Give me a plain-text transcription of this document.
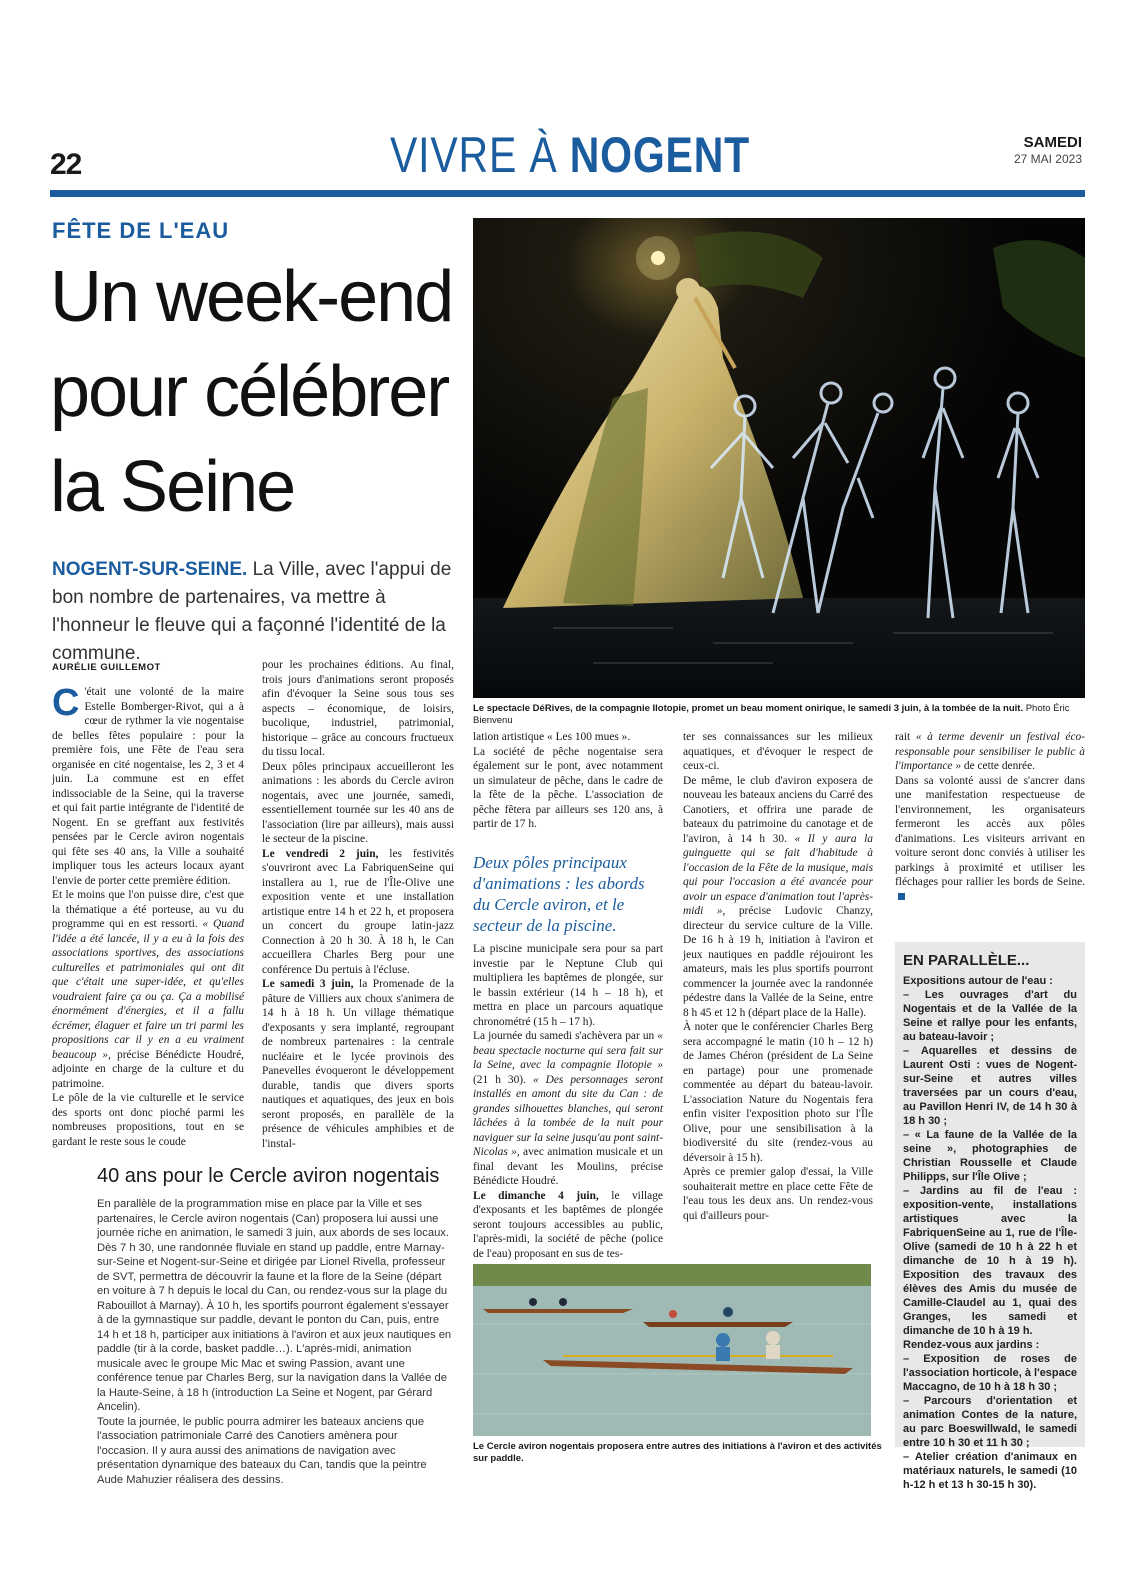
22	VIVRE À NOGENT	SAMEDI
27 MAI 2023
FÊTE DE L'EAU
Un week-end
pour célébrer
la Seine
NOGENT-SUR-SEINE. La Ville, avec l'appui de bon nombre de partenaires, va mettre à l'honneur le fleuve qui a façonné l'identité de la commune.
AURÉLIE GUILLEMOT
Le spectacle DéRives, de la compagnie Ilotopie, promet un beau moment onirique, le samedi 3 juin, à la tombée de la nuit. Photo Éric Bienvenu

C 'était une volonté de la maire Estelle Bomberger-Rivot, qui a à cœur de rythmer la vie nogentaise de belles fêtes populaire : pour la première fois, une Fête de l'eau sera organisée en cité nogentaise, les 2, 3 et 4 juin. La commune est en effet indissociable de la Seine, qui la traverse et qui fait partie intégrante de l'identité de Nogent. En se greffant aux festivités pensées par le Cercle aviron nogentais qui fête ses 40 ans, la Ville a souhaité impliquer tous les acteurs locaux ayant l'envie de porter cette première édition.

Et le moins que l'on puisse dire, c'est que la thématique a été porteuse, au vu du programme qui en est ressorti. « Quand l'idée a été lancée, il y a eu à la fois des associations sportives, des associations culturelles et patrimoniales qui ont dit que c'était une super-idée, et qu'elles voudraient faire ça ou ça. Ça a mobilisé énormément d'énergies, et il a fallu écrémer, élaguer et faire un tri parmi les propositions car il y en a eu vraiment beaucoup », précise Bénédicte Houdré, adjointe en charge de la culture et du patrimoine.

Le pôle de la vie culturelle et le service des sports ont donc pioché parmi les nombreuses propositions, tout en se gardant le reste sous le coude

pour les prochaines éditions. Au final, trois jours d'animations seront proposés afin d'évoquer la Seine sous tous ses aspects – économique, de loisirs, bucolique, industriel, patrimonial, historique – grâce au concours fructueux du tissu local.

Deux pôles principaux accueilleront les animations : les abords du Cercle aviron nogentais, avec une journée, samedi, essentiellement tournée sur les 40 ans de l'association (lire par ailleurs), mais aussi le secteur de la piscine.

Le vendredi 2 juin, les festivités s'ouvriront avec La FabriquenSeine qui installera au 1, rue de l'Île-Olive une exposition vente et une installation artistique entre 14 h et 22 h, et proposera un concert du groupe latin-jazz Connection à 20 h 30. À 18 h, le Can accueillera Charles Berg pour une conférence Du pertuis à l'écluse.

Le samedi 3 juin, la Promenade de la pâture de Villiers aux choux s'animera de 14 h à 18 h. Un village thématique d'exposants y sera implanté, regroupant de nombreux partenaires : la centrale nucléaire et le lycée provinois des Panevelles évoqueront le développement durable, tandis que divers sports nautiques et aquatiques, des jeux en bois seront proposés, en parallèle de la présence de véhicules amphibies et de l'instal-

lation artistique « Les 100 mues ».

La société de pêche nogentaise sera également sur le pont, avec notamment un simulateur de pêche, dans le cadre de la fête de la pêche. L'association de pêche fêtera par ailleurs ses 120 ans, à partir de 17 h.

Deux pôles principaux d'animations : les abords du Cercle aviron, et le secteur de la piscine.

La piscine municipale sera pour sa part investie par le Neptune Club qui multipliera les baptêmes de plongée, sur le bassin extérieur (14 h – 18 h), et mettra en place un parcours aquatique chronométré (15 h – 17 h).

La journée du samedi s'achèvera par un « beau spectacle nocturne qui sera fait sur la Seine, avec la compagnie Ilotopie » (21 h 30). « Des personnages seront installés en amont du site du Can : de grandes silhouettes blanches, qui seront lâchées à la tombée de la nuit pour naviguer sur la seine jusqu'au pont saint-Nicolas », avec animation musicale et un final devant les Moulins, précise Bénédicte Houdré.

Le dimanche 4 juin, le village d'exposants et les baptêmes de plongée seront toujours accessibles au public, l'après-midi, la société de pêche (police de l'eau) proposant en sus de tes-

ter ses connaissances sur les milieux aquatiques, et d'évoquer le respect de ceux-ci.

De même, le club d'aviron exposera de nouveau les bateaux anciens du Carré des Canotiers, et offrira une parade de bateaux du patrimoine du canotage et de l'aviron, à 14 h 30. « Il y aura la guinguette qui se fait d'habitude à l'occasion de la Fête de la musique, mais qui pour l'occasion a été avancée pour avoir un espace d'animation tout l'après-midi », précise Ludovic Chanzy, directeur du service culture de la Ville. De 16 h à 19 h, initiation à l'aviron et jeux nautiques en paddle réjouiront les amateurs, mais les plus sportifs pourront commencer la journée avec la randonnée pédestre dans la Vallée de la Seine, entre 8 h 45 et 12 h (départ place de la Halle).

À noter que le conférencier Charles Berg sera accompagné le matin (10 h – 12 h) de James Chéron (président de La Seine en partage) pour une promenade commentée au départ du bateau-lavoir. L'association Nature du Nogentais fera enfin visiter l'exposition photo sur l'Île Olive, pour une sensibilisation à la biodiversité du site (rendez-vous au déversoir à 15 h).

Après ce premier galop d'essai, la Ville souhaiterait mettre en place cette Fête de l'eau tous les deux ans. Un rendez-vous qui d'ailleurs pour-

rait « à terme devenir un festival éco-responsable pour sensibiliser le public à l'importance » de cette denrée.

Dans sa volonté aussi de s'ancrer dans une manifestation respectueuse de l'environnement, les organisateurs fermeront les accès aux pôles d'animations. Les visiteurs arrivant en voiture seront donc conviés à utiliser les parkings à proximité et utiliser les fléchages pour rallier les bords de Seine.

40 ans pour le Cercle aviron nogentais
En parallèle de la programmation mise en place par la Ville et ses partenaires, le Cercle aviron nogentais (Can) proposera lui aussi une journée riche en animation, le samedi 3 juin, aux abords de ses locaux. Dès 7 h 30, une randonnée fluviale en stand up paddle, entre Marnay-sur-Seine et Nogent-sur-Seine et dirigée par Lionel Rivella, professeur de SVT, permettra de découvrir la faune et la flore de la Seine (départ en voiture à 7 h depuis le local du Can, ou rendez-vous sur la plage du Rabouillot à Marnay). À 10 h, les sportifs pourront également s'essayer à de la gymnastique sur paddle, devant le ponton du Can, puis, entre 14 h et 18 h, participer aux initiations à l'aviron et aux jeux nautiques en paddle (tir à la corde, basket paddle…). L'après-midi, animation musicale avec le groupe Mic Mac et swing Passion, avant une conférence tenue par Charles Berg, sur la navigation dans la Vallée de la Haute-Seine, à 18 h (introduction La Seine et Nogent, par Gérard Ancelin).
Toute la journée, le public pourra admirer les bateaux anciens que l'association patrimoniale Carré des Canotiers amènera pour l'occasion. Il y aura aussi des animations de navigation avec présentation dynamique des bateaux du Can, tandis que la peintre Aude Mahuzier réalisera des dessins.
Le Cercle aviron nogentais proposera entre autres des initiations à l'aviron et des activités sur paddle.
EN PARALLÈLE...
Expositions autour de l'eau :
– Les ouvrages d'art du Nogentais et de la Vallée de la Seine et rallye pour les enfants, au bateau-lavoir ;
– Aquarelles et dessins de Laurent Osti : vues de Nogent-sur-Seine et autres villes traversées par un cours d'eau, au Pavillon Henri IV, de 14 h 30 à 18 h 30 ;
– « La faune de la Vallée de la seine », photographies de Christian Rousselle et Claude Philipps, sur l'Île Olive ;
– Jardins au fil de l'eau : exposition-vente, installations artistiques avec la FabriquenSeine au 1, rue de l'Île-Olive (samedi de 10 h à 22 h et dimanche de 10 h à 19 h). Exposition des travaux des élèves des Amis du musée de Camille-Claudel au 1, quai des Granges, les samedi et dimanche de 10 h à 19 h.
Rendez-vous aux jardins :
– Exposition de roses de l'association horticole, à l'espace Maccagno, de 10 h à 18 h 30 ;
– Parcours d'orientation et animation Contes de la nature, au parc Boeswillwald, le samedi entre 10 h 30 et 11 h 30 ;
– Atelier création d'animaux en matériaux naturels, le samedi (10 h-12 h et 13 h 30-15 h 30).
